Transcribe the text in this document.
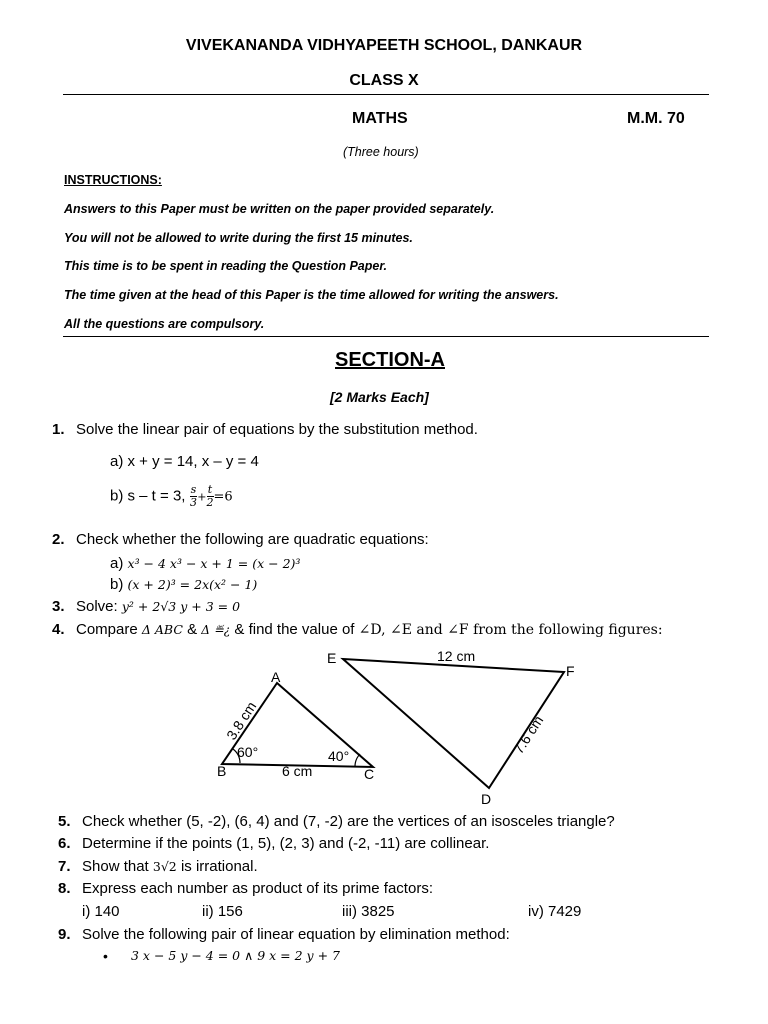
VIVEKANANDA VIDHYAPEETH SCHOOL, DANKAUR
CLASS X
MATHS	M.M. 70
(Three hours)
INSTRUCTIONS:
Answers to this Paper must be written on the paper provided separately.
You will not be allowed to write during the first 15 minutes.
This time is to be spent in reading the Question Paper.
The time given at the head of this Paper is the time allowed for writing the answers.
All the questions are compulsory.
SECTION-A
[2 Marks Each]
1. Solve the linear pair of equations by the substitution method.
a) x + y = 14, x – y = 4
b) s – t = 3, $\frac{s}{3} + \frac{t}{2} =6$
2. Check whether the following are quadratic equations:
a) x³ − 4 x³ − x + 1 = (x − 2)³
b) (x + 2)³ = 2x(x² − 1)
3. Solve: y² + 2√3 y + 3 = 0
4. Compare Δ ABC & Δ ≝¿ & find the value of ∠D, ∠E and ∠F from the following figures:
A
B	C
3.8 cm
6 cm
60°	40°
E
F
D
12 cm
7.6 cm
5. Check whether (5, -2), (6, 4) and (7, -2) are the vertices of an isosceles triangle?
6. Determine if the points (1, 5), (2, 3) and (-2, -11) are collinear.
7. Show that 3√2 is irrational.
8. Express each number as product of its prime factors:
i) 140	ii) 156	iii) 3825	iv) 7429
9. Solve the following pair of linear equation by elimination method:
• 3 x − 5 y − 4 = 0 ∧ 9 x = 2 y + 7
